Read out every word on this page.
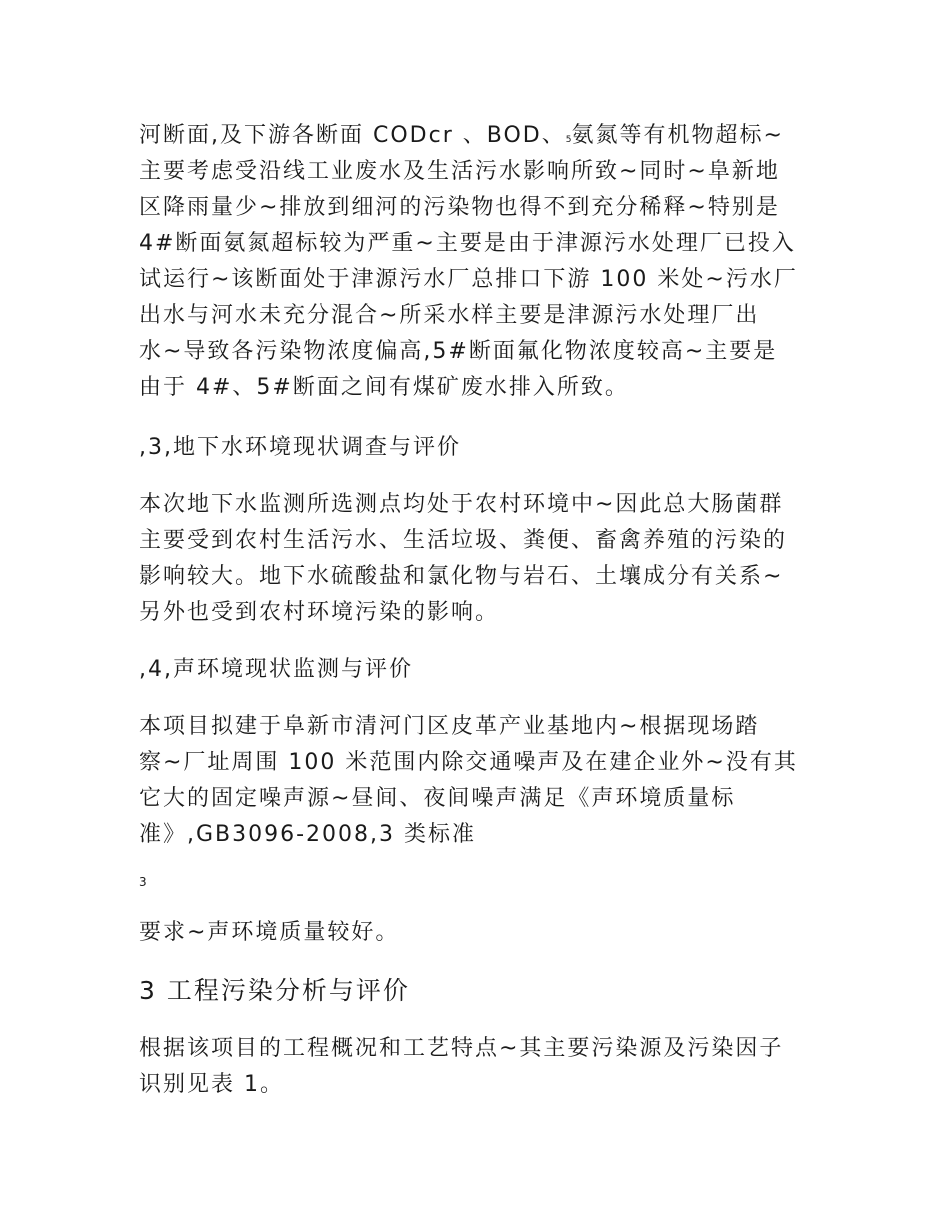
河断面,及下游各断面 CODcr 、BOD、5氨氮等有机物超标~
主要考虑受沿线工业废水及生活污水影响所致~同时~阜新地
区降雨量少~排放到细河的污染物也得不到充分稀释~特别是
4#断面氨氮超标较为严重~主要是由于津源污水处理厂已投入
试运行~该断面处于津源污水厂总排口下游 100 米处~污水厂
出水与河水未充分混合~所采水样主要是津源污水处理厂出
水~导致各污染物浓度偏高,5#断面氟化物浓度较高~主要是
由于 4#、5#断面之间有煤矿废水排入所致。
,3,地下水环境现状调查与评价
本次地下水监测所选测点均处于农村环境中~因此总大肠菌群
主要受到农村生活污水、生活垃圾、粪便、畜禽养殖的污染的
影响较大。地下水硫酸盐和氯化物与岩石、土壤成分有关系~
另外也受到农村环境污染的影响。
,4,声环境现状监测与评价
本项目拟建于阜新市清河门区皮革产业基地内~根据现场踏
察~厂址周围 100 米范围内除交通噪声及在建企业外~没有其
它大的固定噪声源~昼间、夜间噪声满足《声环境质量标
准》,GB3096-2008,3 类标准
3
要求~声环境质量较好。
3 工程污染分析与评价
根据该项目的工程概况和工艺特点~其主要污染源及污染因子
识别见表 1。
